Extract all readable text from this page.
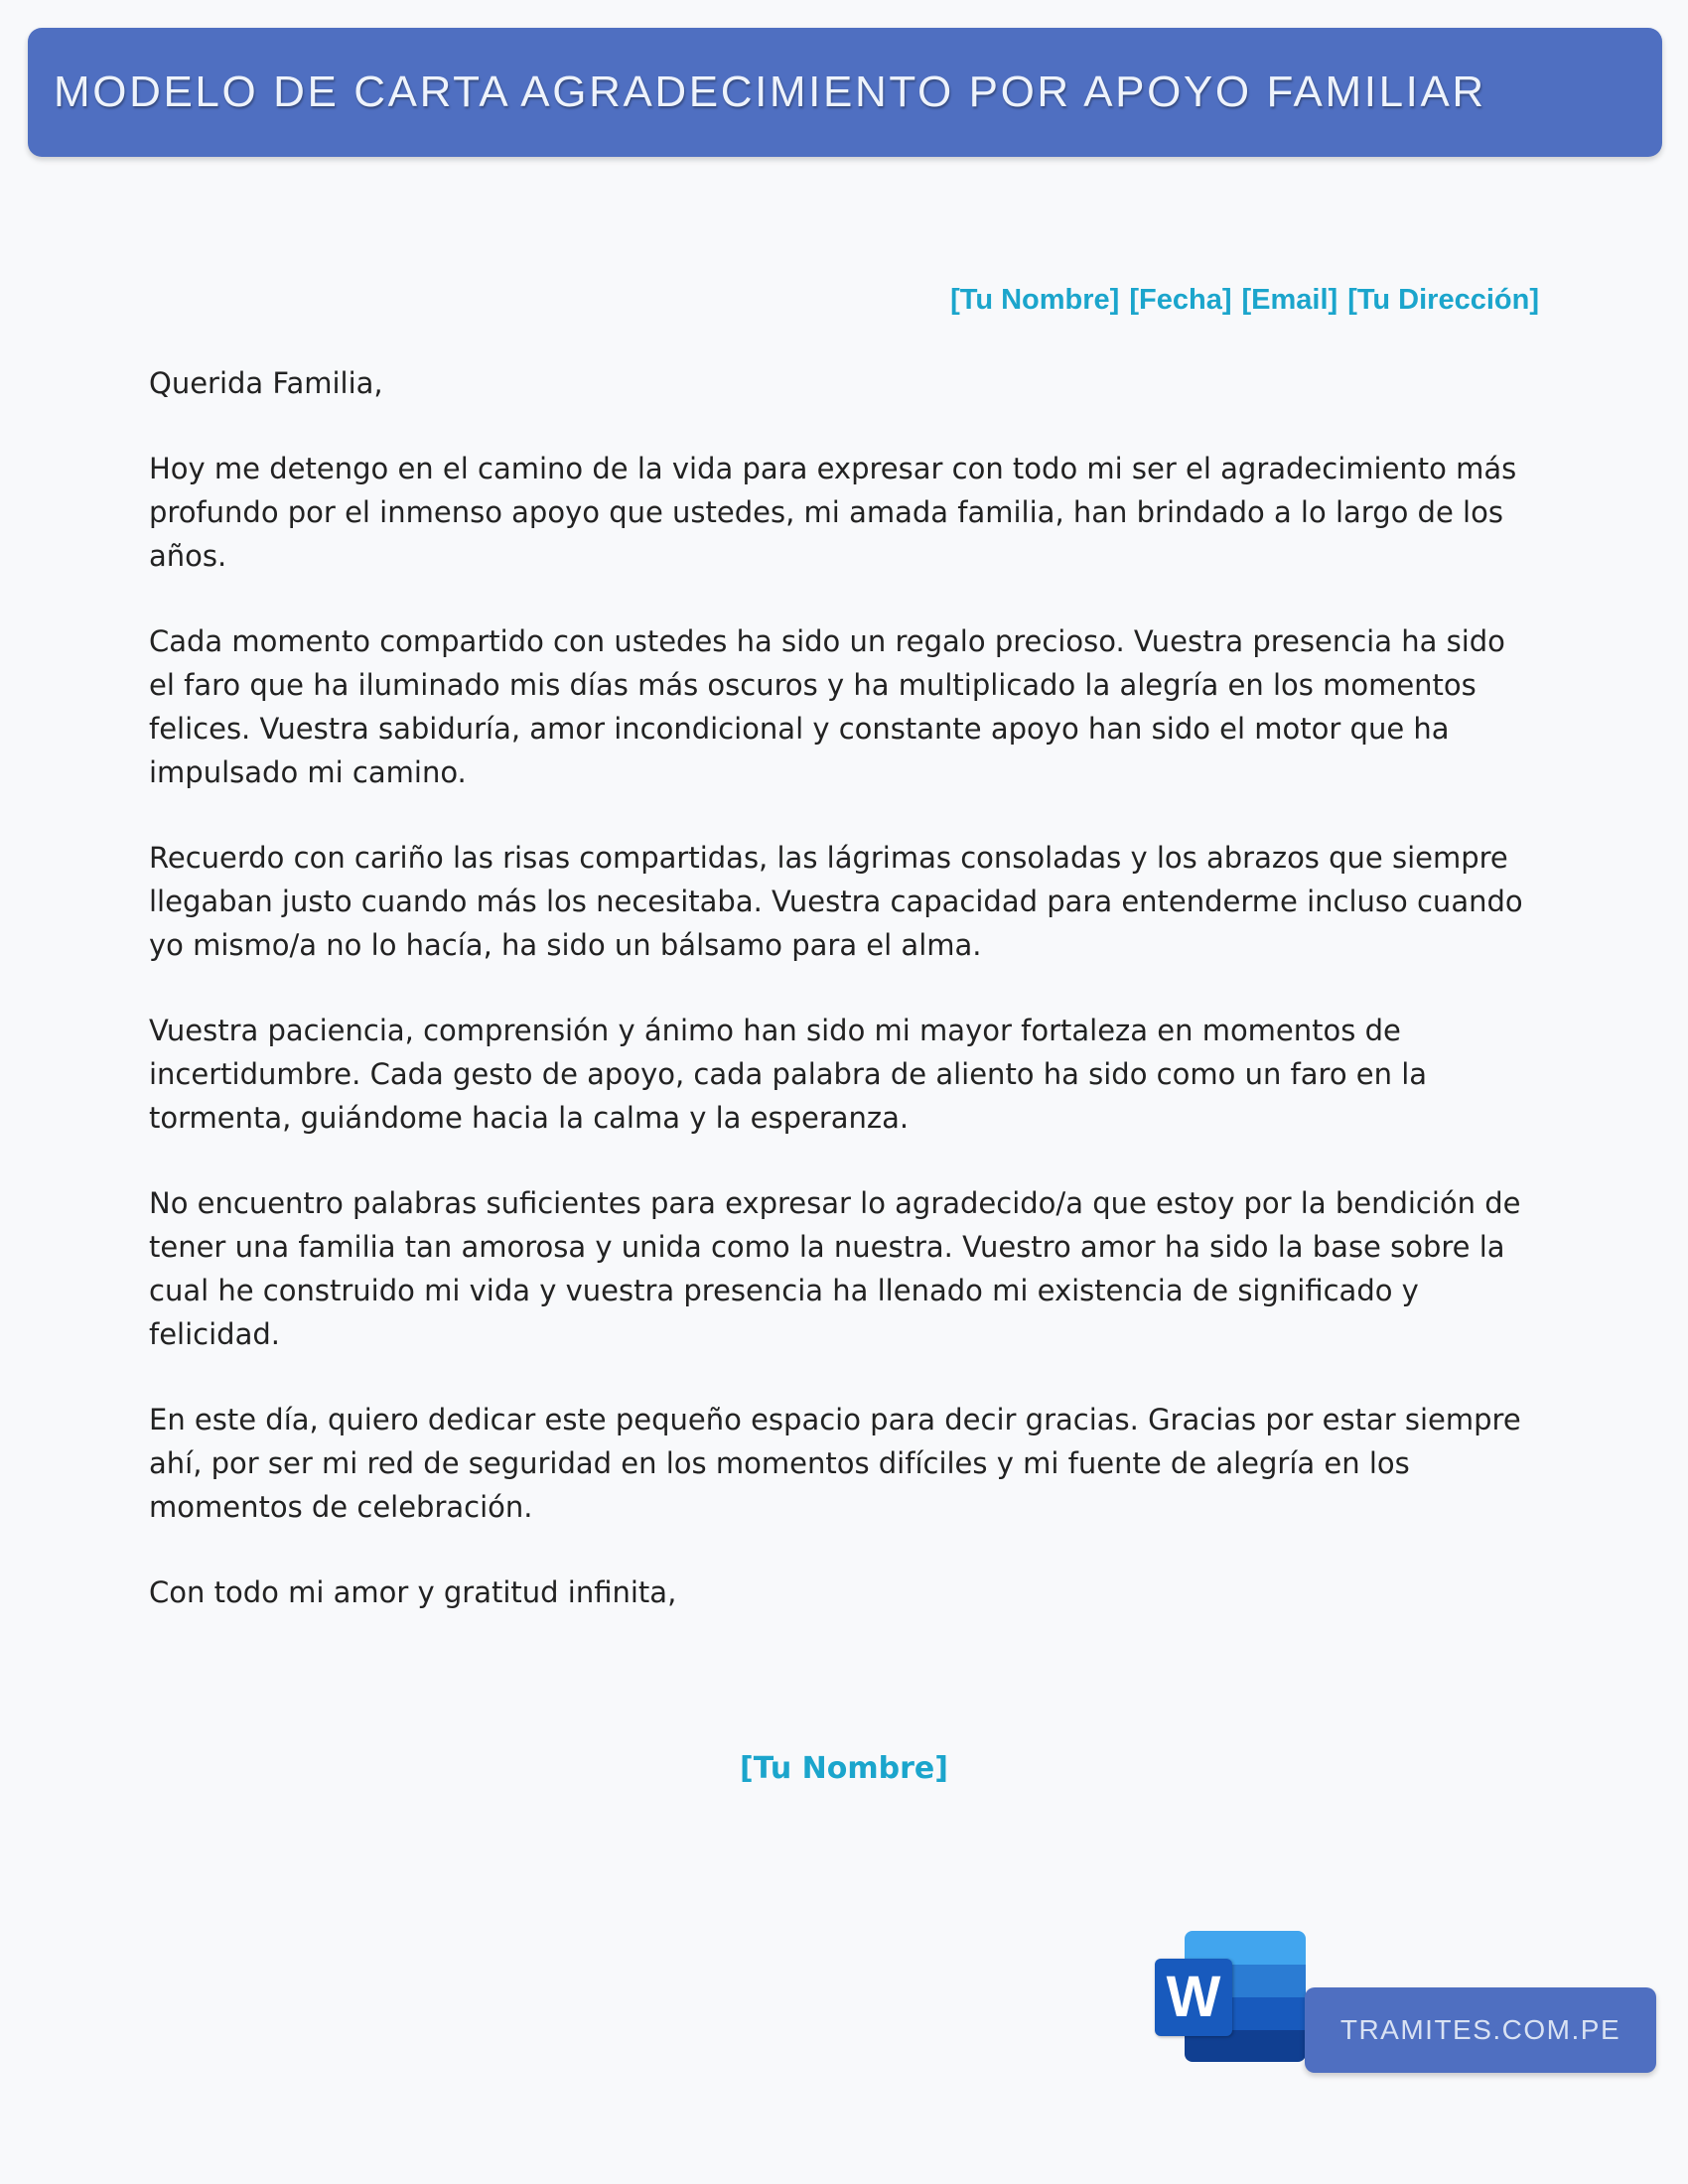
MODELO DE CARTA AGRADECIMIENTO POR APOYO FAMILIAR
[Tu Nombre] [Fecha] [Email] [Tu Dirección]

Querida Familia,

Hoy me detengo en el camino de la vida para expresar con todo mi ser el agradecimiento más profundo por el inmenso apoyo que ustedes, mi amada familia, han brindado a lo largo de los años.

Cada momento compartido con ustedes ha sido un regalo precioso. Vuestra presencia ha sido el faro que ha iluminado mis días más oscuros y ha multiplicado la alegría en los momentos felices. Vuestra sabiduría, amor incondicional y constante apoyo han sido el motor que ha impulsado mi camino.

Recuerdo con cariño las risas compartidas, las lágrimas consoladas y los abrazos que siempre llegaban justo cuando más los necesitaba. Vuestra capacidad para entenderme incluso cuando yo mismo/a no lo hacía, ha sido un bálsamo para el alma.

Vuestra paciencia, comprensión y ánimo han sido mi mayor fortaleza en momentos de incertidumbre. Cada gesto de apoyo, cada palabra de aliento ha sido como un faro en la tormenta, guiándome hacia la calma y la esperanza.

No encuentro palabras suficientes para expresar lo agradecido/a que estoy por la bendición de tener una familia tan amorosa y unida como la nuestra. Vuestro amor ha sido la base sobre la cual he construido mi vida y vuestra presencia ha llenado mi existencia de significado y felicidad.

En este día, quiero dedicar este pequeño espacio para decir gracias. Gracias por estar siempre ahí, por ser mi red de seguridad en los momentos difíciles y mi fuente de alegría en los momentos de celebración.

Con todo mi amor y gratitud infinita,

[Tu Nombre]
W
TRAMITES.COM.PE
